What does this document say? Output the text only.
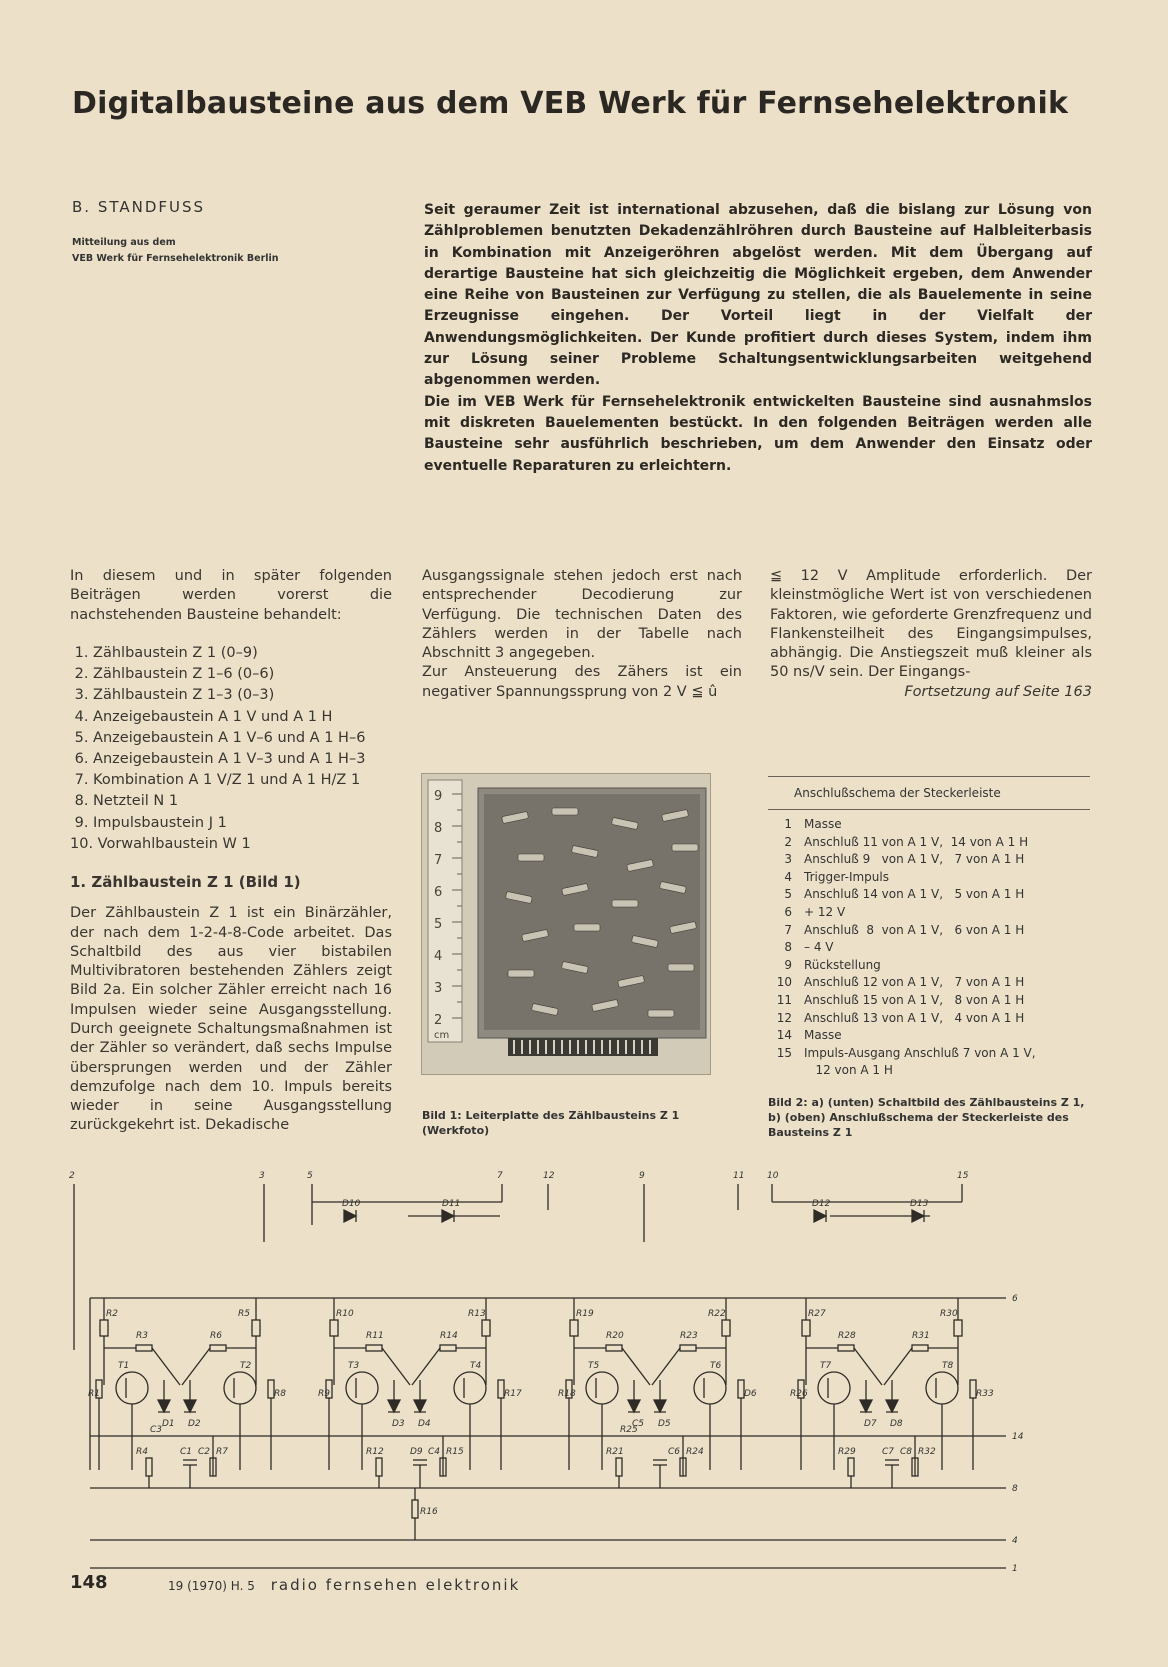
Digitalbausteine aus dem VEB Werk für Fernsehelektronik
B. STANDFUSS
Mitteilung aus dem
VEB Werk für Fernsehelektronik Berlin

Seit geraumer Zeit ist international abzusehen, daß die bislang zur Lösung von Zählproblemen benutzten Dekadenzählröhren durch Bausteine auf Halbleiterbasis in Kombination mit Anzeigeröhren abgelöst werden. Mit dem Übergang auf derartige Bausteine hat sich gleichzeitig die Möglichkeit ergeben, dem Anwender eine Reihe von Bausteinen zur Verfügung zu stellen, die als Bauelemente in seine Erzeugnisse eingehen. Der Vorteil liegt in der Vielfalt der Anwendungsmöglichkeiten. Der Kunde profitiert durch dieses System, indem ihm zur Lösung seiner Probleme Schaltungsentwicklungsarbeiten weitgehend abgenommen werden.

Die im VEB Werk für Fernsehelektronik entwickelten Bausteine sind ausnahmslos mit diskreten Bauelementen bestückt. In den folgenden Beiträgen werden alle Bausteine sehr ausführlich beschrieben, um dem Anwender den Einsatz oder eventuelle Reparaturen zu erleichtern.

In diesem und in später folgenden Beiträgen werden vorerst die nachstehenden Bausteine behandelt:

1. Zählbaustein Z 1 (0–9)
2. Zählbaustein Z 1–6 (0–6)
3. Zählbaustein Z 1–3 (0–3)
4. Anzeigebaustein A 1 V und A 1 H
5. Anzeigebaustein A 1 V–6 und A 1 H–6
6. Anzeigebaustein A 1 V–3 und A 1 H–3
7. Kombination A 1 V/Z 1 und A 1 H/Z 1
8. Netzteil N 1
9. Impulsbaustein J 1
10. Vorwahlbaustein W 1

1. Zählbaustein Z 1 (Bild 1)

Der Zählbaustein Z 1 ist ein Binärzähler, der nach dem 1-2-4-8-Code arbeitet. Das Schaltbild des aus vier bistabilen Multivibratoren bestehenden Zählers zeigt Bild 2a. Ein solcher Zähler erreicht nach 16 Impulsen wieder seine Ausgangsstellung. Durch geeignete Schaltungsmaßnahmen ist der Zähler so verändert, daß sechs Impulse übersprungen werden und der Zähler demzufolge nach dem 10. Impuls bereits wieder in seine Ausgangsstellung zurückgekehrt ist. Dekadische

Ausgangssignale stehen jedoch erst nach entsprechender Decodierung zur Verfügung. Die technischen Daten des Zählers werden in der Tabelle nach Abschnitt 3 angegeben.

Zur Ansteuerung des Zähers ist ein negativer Spannungssprung von 2 V ≦ û

≦ 12 V Amplitude erforderlich. Der kleinstmögliche Wert ist von verschiedenen Faktoren, wie geforderte Grenzfrequenz und Flankensteilheit des Eingangsimpulses, abhängig. Die Anstiegszeit muß kleiner als 50 ns/V sein. Der Eingangs-

Fortsetzung auf Seite 163

9
8
7
6
5
4
3
2
cm
Bild 1: Leiterplatte des Zählbausteins Z 1 (Werkfoto)
Anschlußschema der Steckerleiste
1	Masse
2	Anschluß 11 von A 1 V,  14 von A 1 H
3	Anschluß 9   von A 1 V,   7 von A 1 H
4	Trigger-Impuls
5	Anschluß 14 von A 1 V,   5 von A 1 H
6	+ 12 V
7	Anschluß  8  von A 1 V,   6 von A 1 H
8	– 4 V
9	Rückstellung
10	Anschluß 12 von A 1 V,   7 von A 1 H
11	Anschluß 15 von A 1 V,   8 von A 1 H
12	Anschluß 13 von A 1 V,   4 von A 1 H
14	Masse
15	Impuls-Ausgang Anschluß 7 von A 1 V,
12 von A 1 H
Bild 2: a) (unten) Schaltbild des Zählbausteins Z 1, b) (oben) Anschlußschema der Steckerleiste des Bausteins Z 1
2	3	5	7	12	9	11	10	15
6
14
8
4
1
D10	D11	D12	D13
R2
R3
R5
R6
T1	T2
R1
D1 D2
R8
C3
R4	C1 C2 R7
R10
R11
R13
R14
T3	T4
R9
D3 D4
R17
R12	D9 C4 R15
R19
R20
R22
R23
T5	T6
R18
C5 D5
D6
R25
R21	C6 R24
R27
R28
R30
R31
T7	T8
R26
D7 D8
R33
R29	C7 C8 R32
R16
148	19 (1970) H. 5 radio fernsehen elektronik
